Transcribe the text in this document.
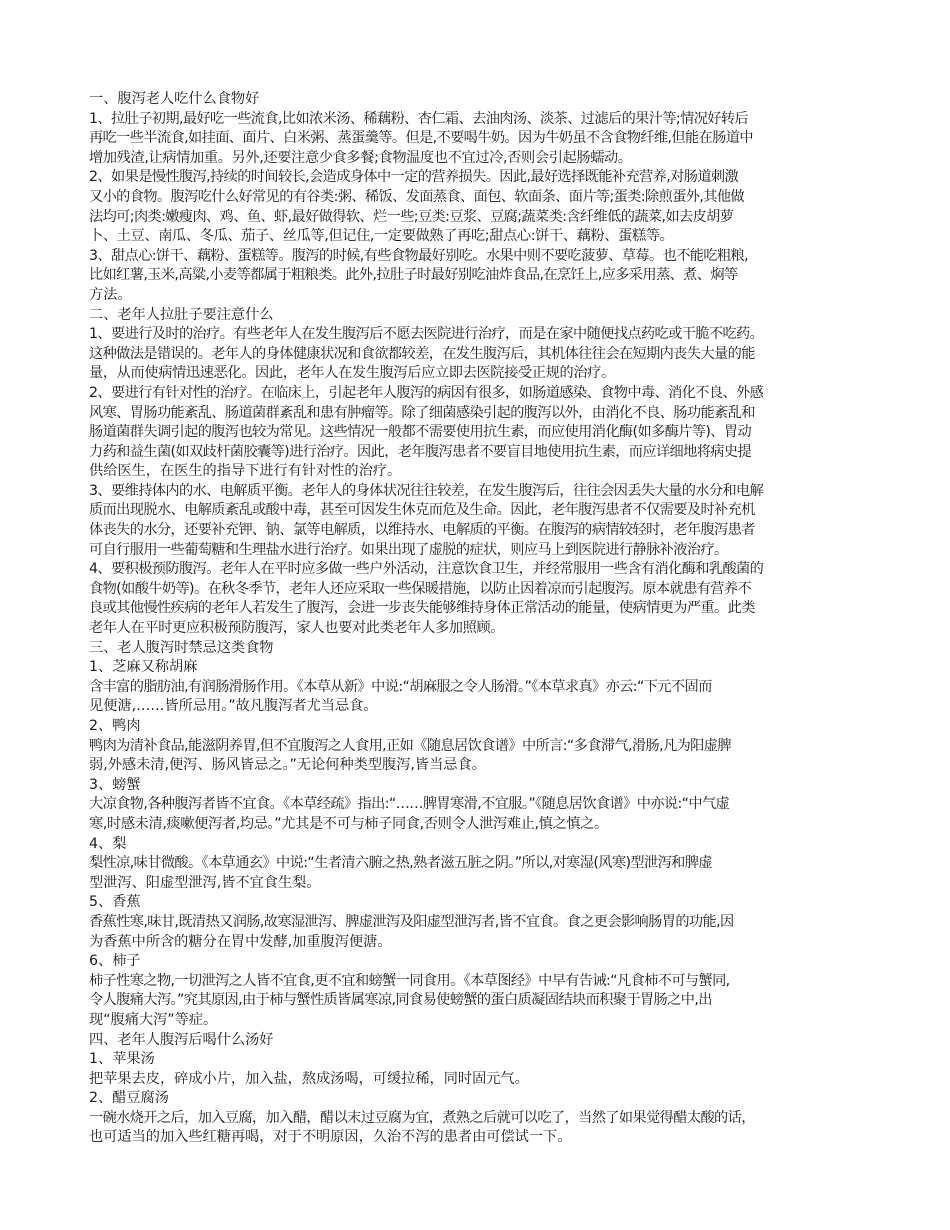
一、腹泻老人吃什么食物好
1、拉肚子初期,最好吃一些流食,比如浓米汤、稀藕粉、杏仁霜、去油肉汤、淡茶、过滤后的果汁等;情况好转后
再吃一些半流食,如挂面、面片、白米粥、蒸蛋羹等。但是,不要喝牛奶。因为牛奶虽不含食物纤维,但能在肠道中
增加残渣,让病情加重。另外,还要注意少食多餐;食物温度也不宜过冷,否则会引起肠蠕动。
2、如果是慢性腹泻,持续的时间较长,会造成身体中一定的营养损失。因此,最好选择既能补充营养,对肠道刺激
又小的食物。腹泻吃什么好常见的有谷类:粥、稀饭、发面蒸食、面包、软面条、面片等;蛋类:除煎蛋外,其他做
法均可;肉类:嫩瘦肉、鸡、鱼、虾,最好做得软、烂一些;豆类:豆浆、豆腐;蔬菜类:含纤维低的蔬菜,如去皮胡萝
卜、土豆、南瓜、冬瓜、茄子、丝瓜等,但记住,一定要做熟了再吃;甜点心:饼干、藕粉、蛋糕等。
3、甜点心:饼干、藕粉、蛋糕等。腹泻的时候,有些食物最好别吃。水果中则不要吃菠萝、草莓。也不能吃粗粮,
比如红薯,玉米,高粱,小麦等都属于粗粮类。此外,拉肚子时最好别吃油炸食品,在烹饪上,应多采用蒸、煮、焖等
方法。
二、老年人拉肚子要注意什么
1、要进行及时的治疗。有些老年人在发生腹泻后不愿去医院进行治疗，而是在家中随便找点药吃或干脆不吃药。
这种做法是错误的。老年人的身体健康状况和食欲都较差，在发生腹泻后，其机体往往会在短期内丧失大量的能
量，从而使病情迅速恶化。因此，老年人在发生腹泻后应立即去医院接受正规的治疗。
2、要进行有针对性的治疗。在临床上，引起老年人腹泻的病因有很多，如肠道感染、食物中毒、消化不良、外感
风寒、胃肠功能紊乱、肠道菌群紊乱和患有肿瘤等。除了细菌感染引起的腹泻以外，由消化不良、肠功能紊乱和
肠道菌群失调引起的腹泻也较为常见。这些情况一般都不需要使用抗生素，而应使用消化酶(如多酶片等)、胃动
力药和益生菌(如双歧杆菌胶囊等)进行治疗。因此，老年腹泻患者不要盲目地使用抗生素，而应详细地将病史提
供给医生，在医生的指导下进行有针对性的治疗。
3、要维持体内的水、电解质平衡。老年人的身体状况往往较差，在发生腹泻后，往往会因丢失大量的水分和电解
质而出现脱水、电解质紊乱或酸中毒，甚至可因发生休克而危及生命。因此，老年腹泻患者不仅需要及时补充机
体丧失的水分，还要补充钾、钠、氯等电解质，以维持水、电解质的平衡。在腹泻的病情较轻时，老年腹泻患者
可自行服用一些葡萄糖和生理盐水进行治疗。如果出现了虚脱的症状，则应马上到医院进行静脉补液治疗。
4、要积极预防腹泻。老年人在平时应多做一些户外活动，注意饮食卫生，并经常服用一些含有消化酶和乳酸菌的
食物(如酸牛奶等)。在秋冬季节，老年人还应采取一些保暖措施，以防止因着凉而引起腹泻。原本就患有营养不
良或其他慢性疾病的老年人若发生了腹泻，会进一步丧失能够维持身体正常活动的能量，使病情更为严重。此类
老年人在平时更应积极预防腹泻，家人也要对此类老年人多加照顾。
三、老人腹泻时禁忌这类食物
1、芝麻又称胡麻
含丰富的脂肪油,有润肠滑肠作用。《本草从新》中说:“胡麻服之令人肠滑。”《本草求真》亦云:“下元不固而
见便溏,……皆所忌用。”故凡腹泻者尤当忌食。
2、鸭肉
鸭肉为清补食品,能滋阴养胃,但不宜腹泻之人食用,正如《随息居饮食谱》中所言:“多食滞气,滑肠,凡为阳虚脾
弱,外感未清,便泻、肠风皆忌之。”无论何种类型腹泻,皆当忌食。
3、螃蟹
大凉食物,各种腹泻者皆不宜食。《本草经疏》指出:“……脾胃寒滑,不宜服。”《随息居饮食谱》中亦说:“中气虚
寒,时感未清,痰嗽便泻者,均忌。”尤其是不可与柿子同食,否则令人泄泻难止,慎之慎之。
4、梨
梨性凉,味甘微酸。《本草通玄》中说:“生者清六腑之热,熟者滋五脏之阴。”所以,对寒湿(风寒)型泄泻和脾虚
型泄泻、阳虚型泄泻,皆不宜食生梨。
5、香蕉
香蕉性寒,味甘,既清热又润肠,故寒湿泄泻、脾虚泄泻及阳虚型泄泻者,皆不宜食。食之更会影响肠胃的功能,因
为香蕉中所含的糖分在胃中发酵,加重腹泻便溏。
6、柿子
柿子性寒之物,一切泄泻之人皆不宜食,更不宜和螃蟹一同食用。《本草图经》中早有告诫:“凡食柿不可与蟹同,
令人腹痛大泻。”究其原因,由于柿与蟹性质皆属寒凉,同食易使螃蟹的蛋白质凝固结块而积聚于胃肠之中,出
现“腹痛大泻”等症。
四、老年人腹泻后喝什么汤好
1、苹果汤
把苹果去皮，碎成小片，加入盐，熬成汤喝，可缓拉稀，同时固元气。
2、醋豆腐汤
一碗水烧开之后，加入豆腐，加入醋，醋以末过豆腐为宜，煮熟之后就可以吃了，当然了如果觉得醋太酸的话，
也可适当的加入些红糖再喝，对于不明原因，久治不泻的患者由可偿试一下。
